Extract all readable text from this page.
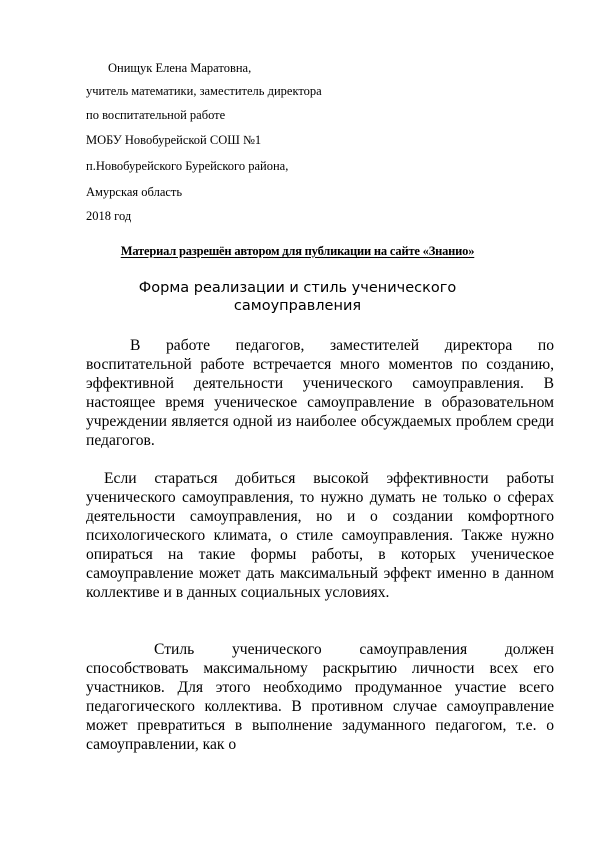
Онищук Елена Маратовна,
учитель математики, заместитель директора
по воспитательной работе
МОБУ Новобурейской СОШ №1
п.Новобурейского Бурейского района,
Амурская область
2018 год
Материал разрешён автором для публикации на сайте «Знанио»
Форма реализации и стиль ученического самоуправления

В работе педагогов, заместителей директора по воспитательной работе встречается много моментов по созданию, эффективной деятельности ученического самоуправления. В настоящее время ученическое самоуправление в образовательном учреждении является одной из наиболее обсуждаемых проблем среди педагогов.

Если стараться добиться высокой эффективности работы ученического самоуправления, то нужно думать не только о сферах деятельности самоуправления, но и о создании комфортного психологического климата, о стиле самоуправления. Также нужно опираться на такие формы работы, в которых ученическое самоуправление может дать максимальный эффект именно в данном коллективе и в данных социальных условиях.

Стиль ученического самоуправления должен способствовать максимальному раскрытию личности всех его участников. Для этого необходимо продуманное участие всего педагогического коллектива. В противном случае самоуправление может превратиться в выполнение задуманного педагогом, т.е. о самоуправлении, как о
